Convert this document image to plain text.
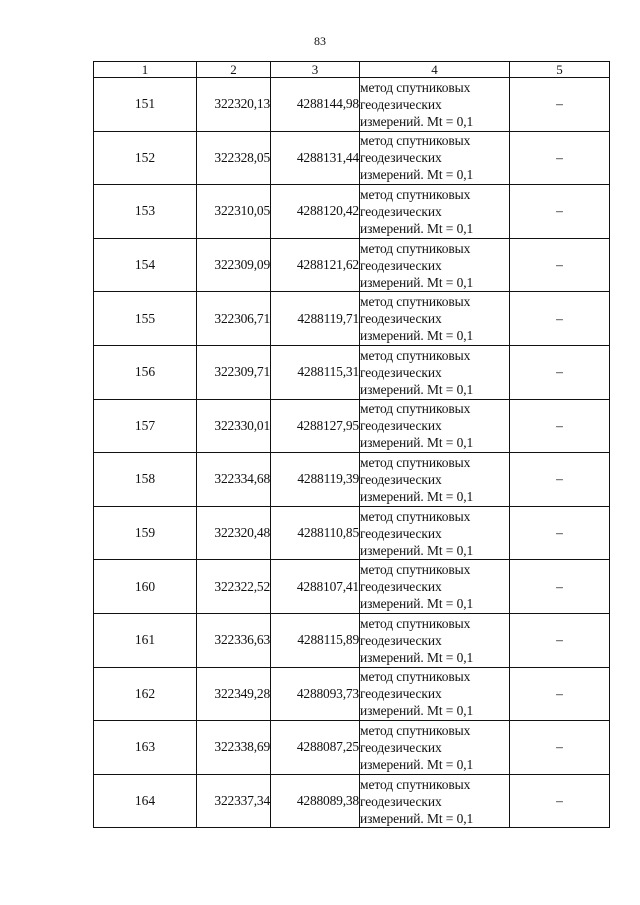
83
1	2	3	4	5
151	322320,13	4288144,98	метод спутниковых
геодезических
измерений. Mt = 0,1	–
152	322328,05	4288131,44	метод спутниковых
геодезических
измерений. Mt = 0,1	–
153	322310,05	4288120,42	метод спутниковых
геодезических
измерений. Mt = 0,1	–
154	322309,09	4288121,62	метод спутниковых
геодезических
измерений. Mt = 0,1	–
155	322306,71	4288119,71	метод спутниковых
геодезических
измерений. Mt = 0,1	–
156	322309,71	4288115,31	метод спутниковых
геодезических
измерений. Mt = 0,1	–
157	322330,01	4288127,95	метод спутниковых
геодезических
измерений. Mt = 0,1	–
158	322334,68	4288119,39	метод спутниковых
геодезических
измерений. Mt = 0,1	–
159	322320,48	4288110,85	метод спутниковых
геодезических
измерений. Mt = 0,1	–
160	322322,52	4288107,41	метод спутниковых
геодезических
измерений. Mt = 0,1	–
161	322336,63	4288115,89	метод спутниковых
геодезических
измерений. Mt = 0,1	–
162	322349,28	4288093,73	метод спутниковых
геодезических
измерений. Mt = 0,1	–
163	322338,69	4288087,25	метод спутниковых
геодезических
измерений. Mt = 0,1	–
164	322337,34	4288089,38	метод спутниковых
геодезических
измерений. Mt = 0,1	–
